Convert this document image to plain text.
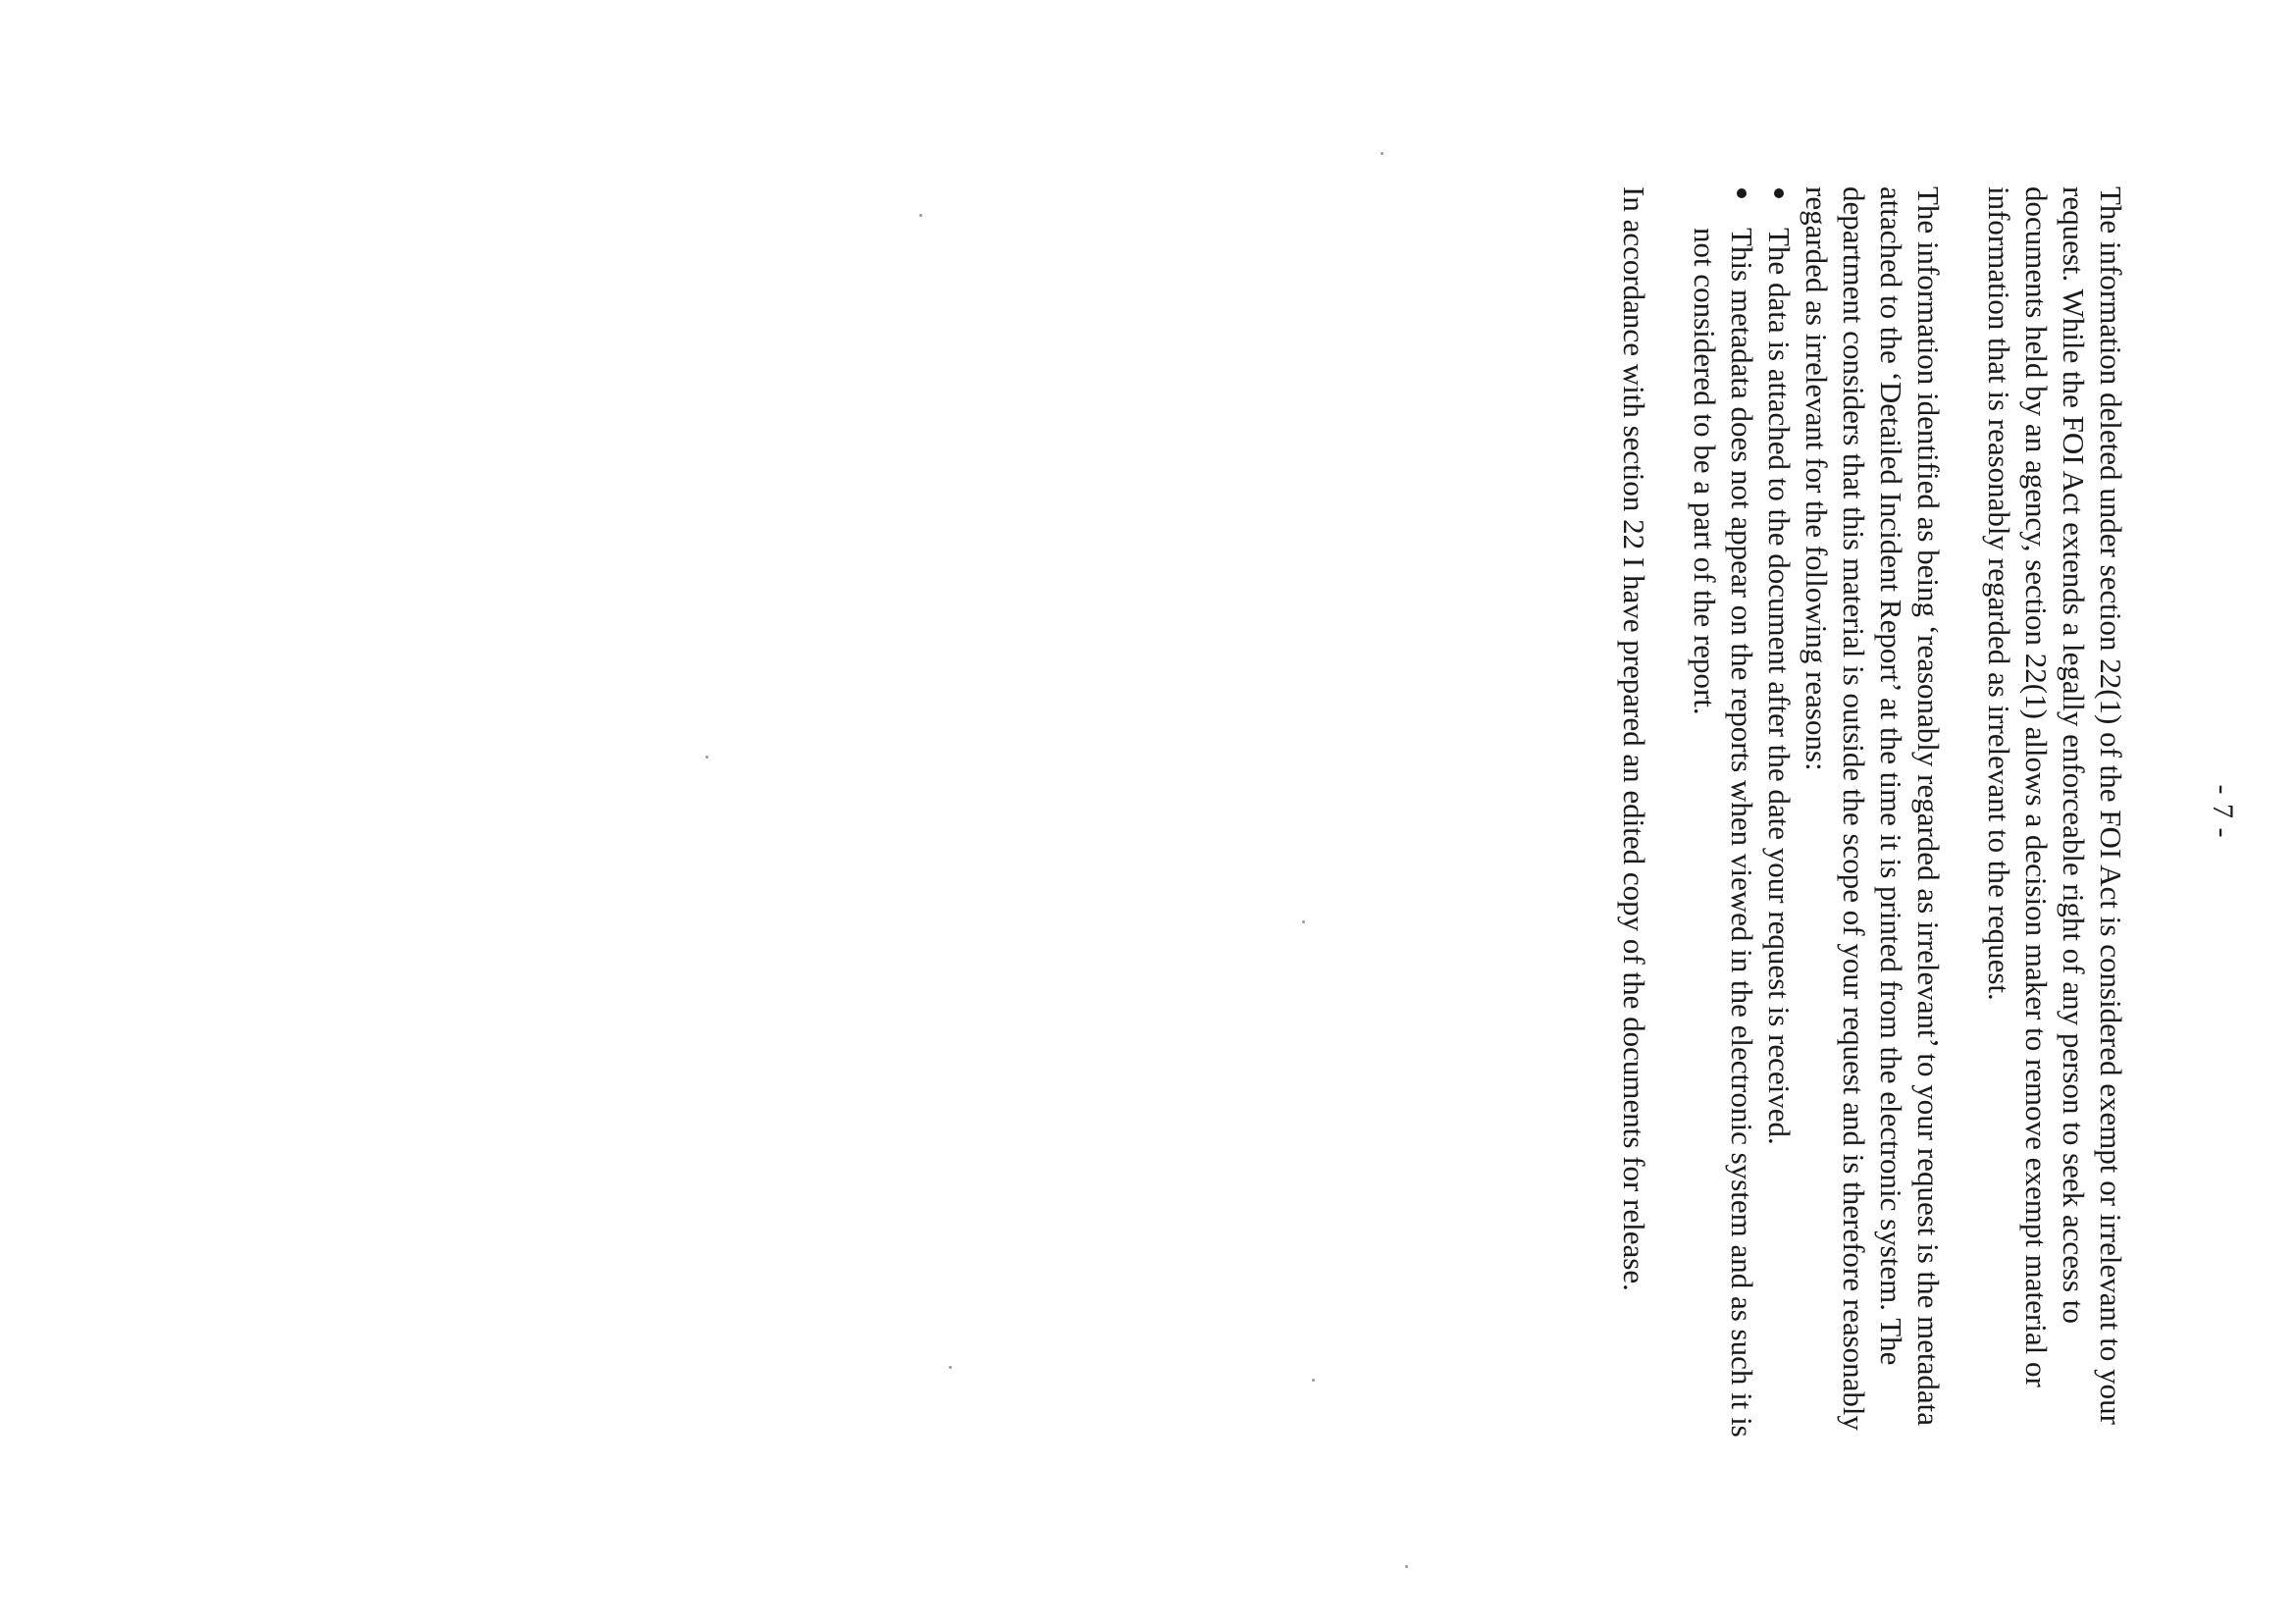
- 7 -

The information deleted under section 22(1) of the FOI Act is considered exempt or irrelevant to your request. While the FOI Act extends a legally enforceable right of any person to seek access to documents held by an agency, section 22(1) allows a decision maker to remove exempt material or information that is reasonably regarded as irrelevant to the request.

The information identified as being ‘reasonably regarded as irrelevant’ to your request is the metadata attached to the ‘Detailed Incident Report’ at the time it is printed from the electronic system. The department considers that this material is outside the scope of your request and is therefore reasonably regarded as irrelevant for the following reasons:

The data is attached to the document after the date your request is received.
This metadata does not appear on the reports when viewed in the electronic system and as such it is not considered to be a part of the report.

In accordance with section 22 I have prepared an edited copy of the documents for release.
